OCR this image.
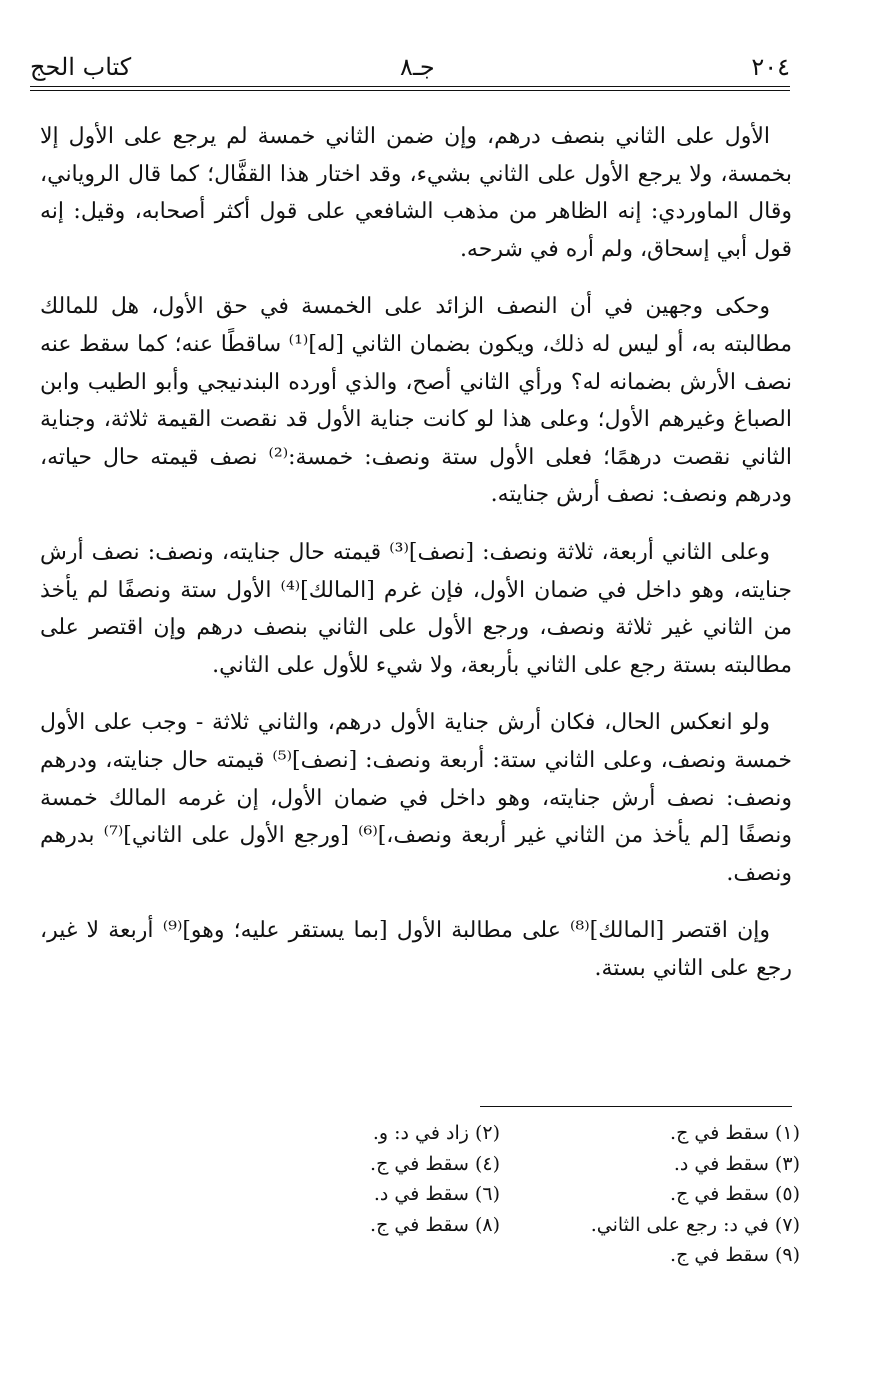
٢٠٤
جـ٨
كتاب الحج

الأول على الثاني بنصف درهم، وإن ضمن الثاني خمسة لم يرجع على الأول إلا بخمسة، ولا يرجع الأول على الثاني بشيء، وقد اختار هذا القفَّال؛ كما قال الروياني، وقال الماوردي: إنه الظاهر من مذهب الشافعي على قول أكثر أصحابه، وقيل: إنه قول أبي إسحاق، ولم أره في شرحه.

وحكى وجهين في أن النصف الزائد على الخمسة في حق الأول، هل للمالك مطالبته به، أو ليس له ذلك، ويكون بضمان الثاني [له]⁽¹⁾ ساقطًا عنه؛ كما سقط عنه نصف الأرش بضمانه له؟ ورأي الثاني أصح، والذي أورده البندنيجي وأبو الطيب وابن الصباغ وغيرهم الأول؛ وعلى هذا لو كانت جناية الأول قد نقصت القيمة ثلاثة، وجناية الثاني نقصت درهمًا؛ فعلى الأول ستة ونصف: خمسة:⁽²⁾ نصف قيمته حال حياته، ودرهم ونصف: نصف أرش جنايته.

وعلى الثاني أربعة، ثلاثة ونصف: [نصف]⁽³⁾ قيمته حال جنايته، ونصف: نصف أرش جنايته، وهو داخل في ضمان الأول، فإن غرم [المالك]⁽⁴⁾ الأول ستة ونصفًا لم يأخذ من الثاني غير ثلاثة ونصف، ورجع الأول على الثاني بنصف درهم وإن اقتصر على مطالبته بستة رجع على الثاني بأربعة، ولا شيء للأول على الثاني.

ولو انعكس الحال، فكان أرش جناية الأول درهم، والثاني ثلاثة - وجب على الأول خمسة ونصف، وعلى الثاني ستة: أربعة ونصف: [نصف]⁽⁵⁾ قيمته حال جنايته، ودرهم ونصف: نصف أرش جنايته، وهو داخل في ضمان الأول، إن غرمه المالك خمسة ونصفًا [لم يأخذ من الثاني غير أربعة ونصف،]⁽⁶⁾ [ورجع الأول على الثاني]⁽⁷⁾ بدرهم ونصف.

وإن اقتصر [المالك]⁽⁸⁾ على مطالبة الأول [بما يستقر عليه؛ وهو]⁽⁹⁾ أربعة لا غير، رجع على الثاني بستة.

(١) سقط في ج.
(٢) زاد في د: و.
(٣) سقط في د.
(٤) سقط في ج.
(٥) سقط في ج.
(٦) سقط في د.
(٧) في د: رجع على الثاني.
(٨) سقط في ج.
(٩) سقط في ج.
